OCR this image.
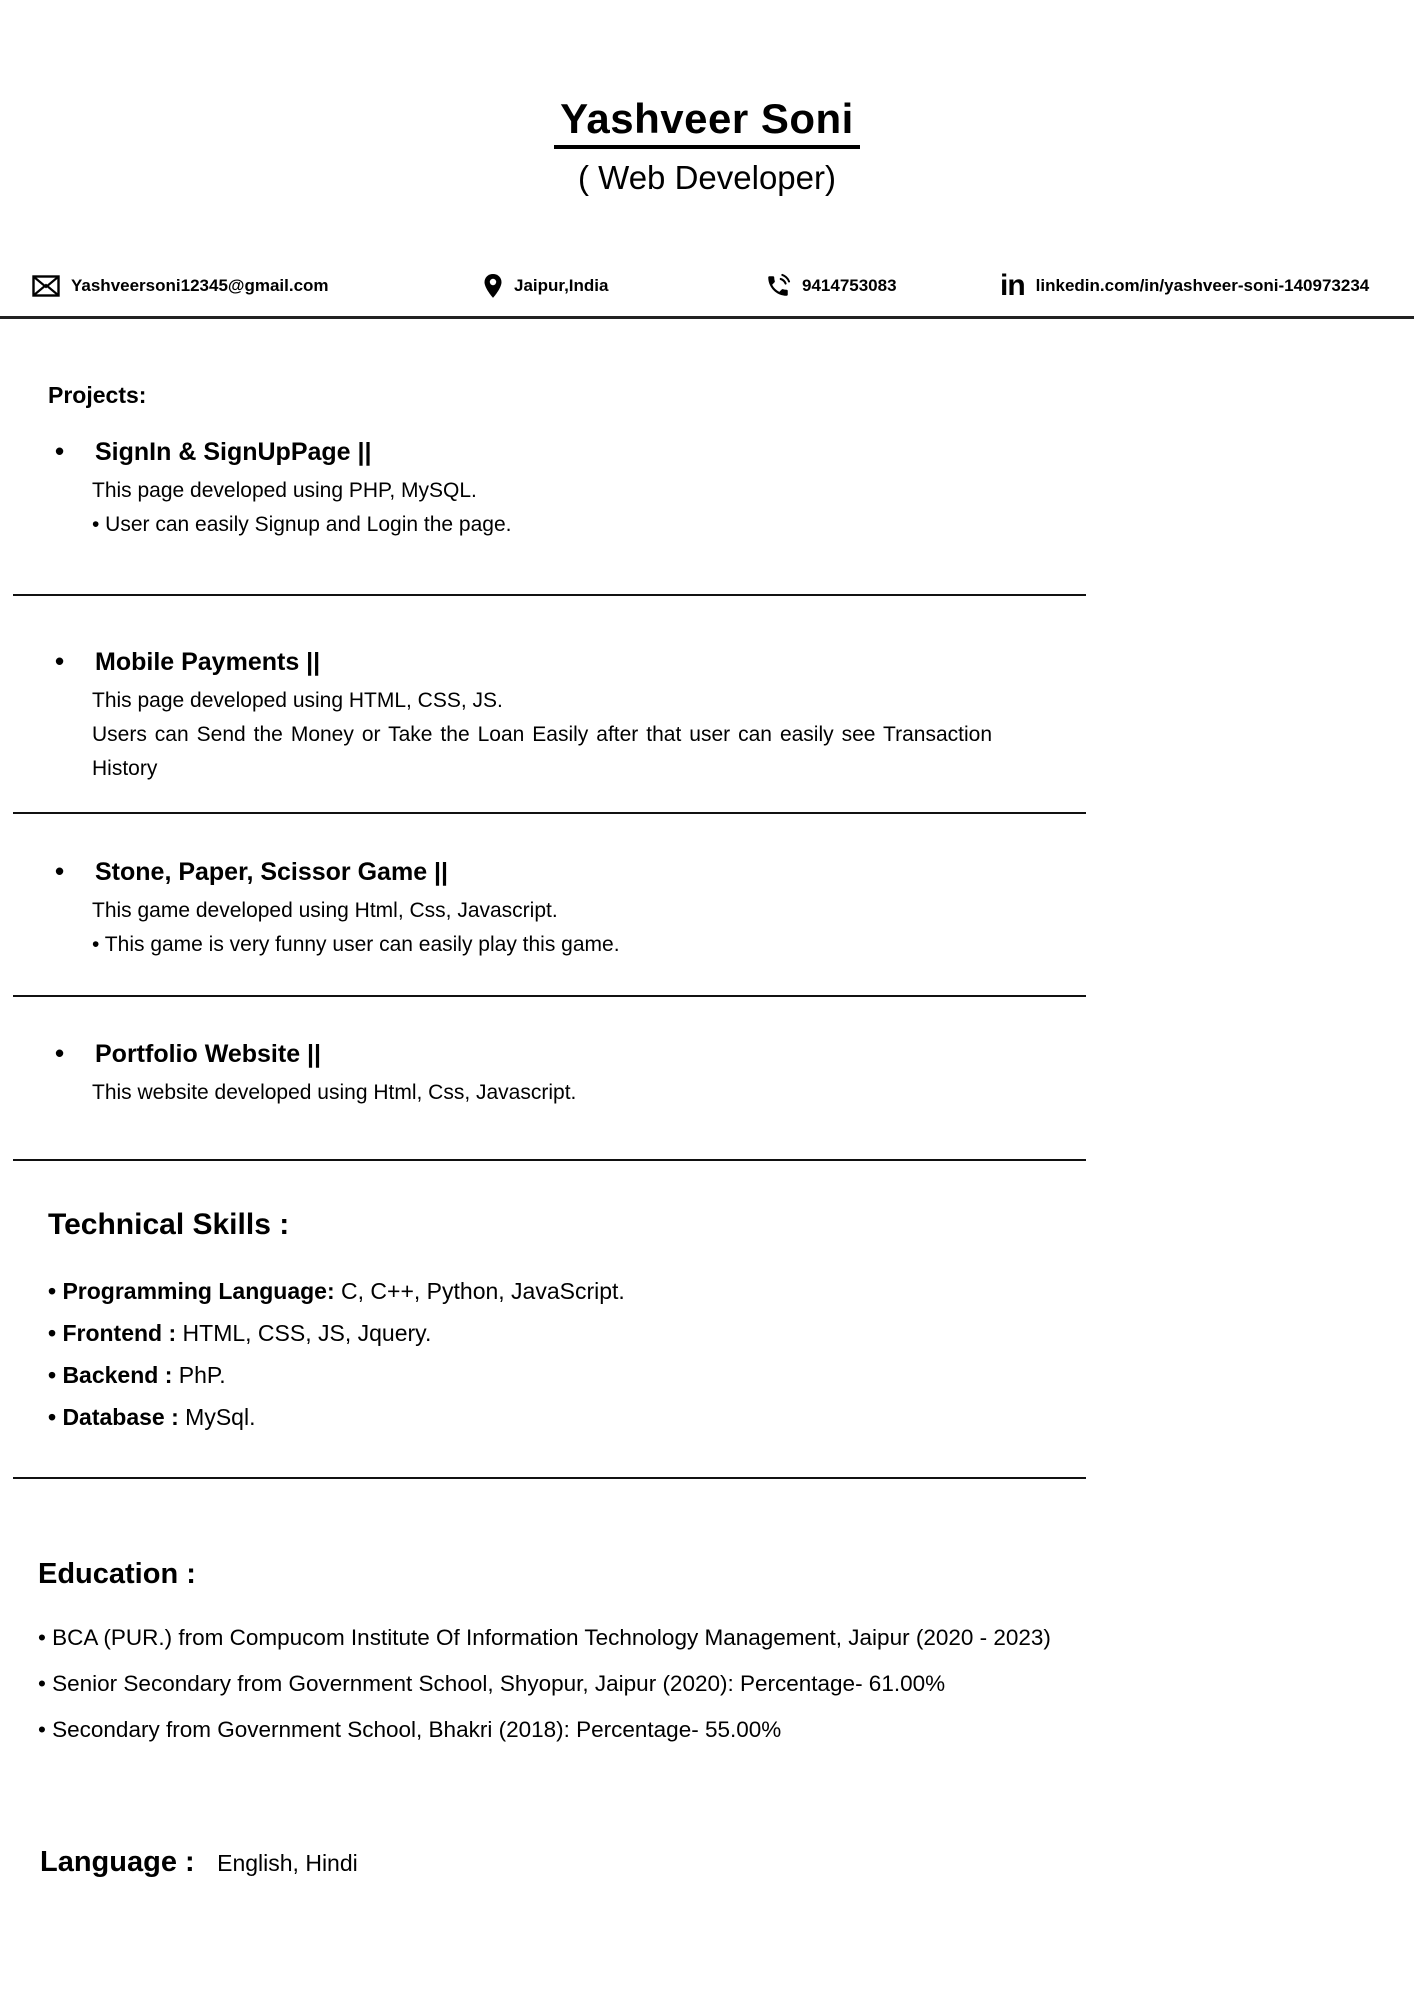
Yashveer Soni
( Web Developer)
Yashveersoni12345@gmail.com	Jaipur,India	9414753083	in linkedin.com/in/yashveer-soni-140973234
Projects:
•	SignIn & SignUpPage ||

This page developed using PHP, MySQL.

• User can easily Signup and Login the page.

•	Mobile Payments ||

This page developed using HTML, CSS, JS.

Users can Send the Money or Take the Loan Easily after that user can easily see Transaction History

•	Stone, Paper, Scissor Game ||

This game developed using Html, Css, Javascript.

• This game is very funny user can easily play this game.

•	Portfolio Website ||

This website developed using Html, Css, Javascript.

Technical Skills :
• Programming Language: C, C++, Python, JavaScript.
• Frontend : HTML, CSS, JS, Jquery.
• Backend : PhP.
• Database : MySql.
Education :
• BCA (PUR.) from Compucom Institute Of Information Technology Management, Jaipur (2020 - 2023)
• Senior Secondary from Government School, Shyopur, Jaipur (2020): Percentage- 61.00%
• Secondary from Government School, Bhakri (2018): Percentage- 55.00%
Language : English, Hindi
